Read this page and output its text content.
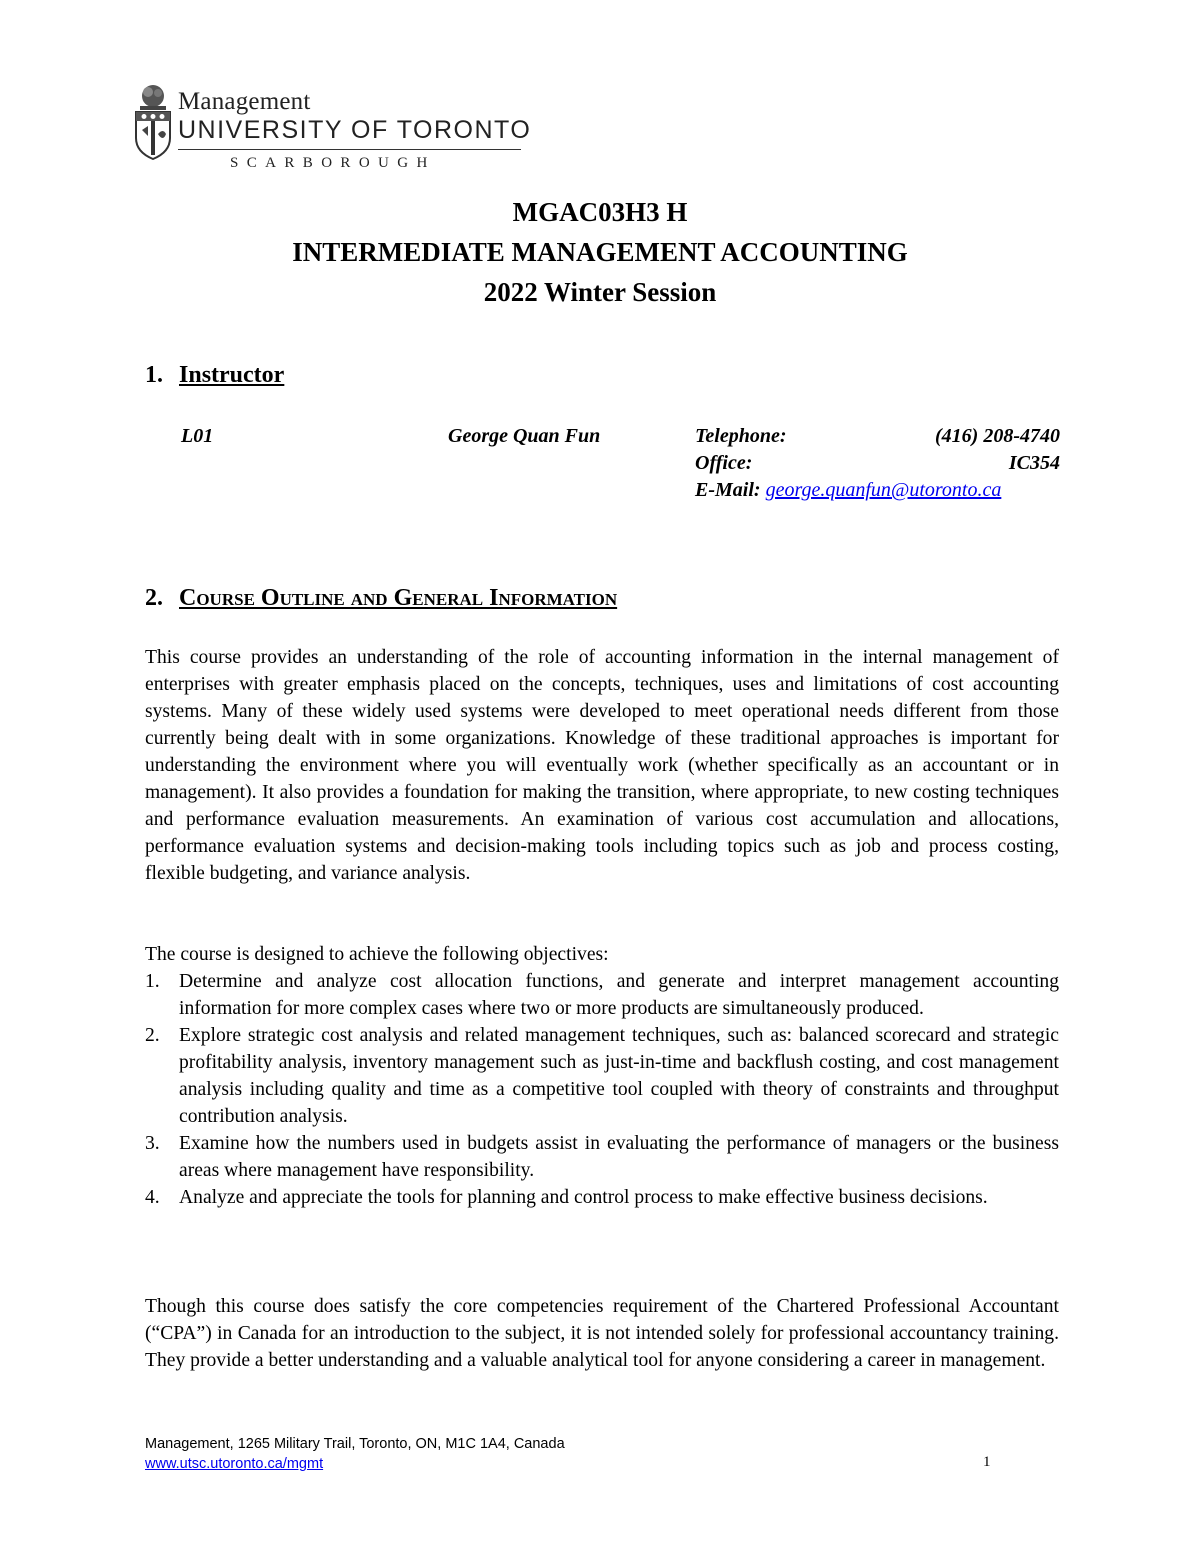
Management
UNIVERSITY OF TORONTO
SCARBOROUGH
MGAC03H3 H
INTERMEDIATE MANAGEMENT ACCOUNTING
2022 Winter Session
1. Instructor
L01	George Quan Fun	Telephone:	(416) 208-4740
Office:	IC354
E-Mail: george.quanfun@utoronto.ca
2. Course Outline and General Information
This course provides an understanding of the role of accounting information in the internal management of enterprises with greater emphasis placed on the concepts, techniques, uses and limitations of cost accounting systems. Many of these widely used systems were developed to meet operational needs different from those currently being dealt with in some organizations. Knowledge of these traditional approaches is important for understanding the environment where you will eventually work (whether specifically as an accountant or in management). It also provides a foundation for making the transition, where appropriate, to new costing techniques and performance evaluation measurements. An examination of various cost accumulation and allocations, performance evaluation systems and decision-making tools including topics such as job and process costing, flexible budgeting, and variance analysis.
The course is designed to achieve the following objectives:
1. Determine and analyze cost allocation functions, and generate and interpret management accounting information for more complex cases where two or more products are simultaneously produced.
2. Explore strategic cost analysis and related management techniques, such as: balanced scorecard and strategic profitability analysis, inventory management such as just-in-time and backflush costing, and cost management analysis including quality and time as a competitive tool coupled with theory of constraints and throughput contribution analysis.
3. Examine how the numbers used in budgets assist in evaluating the performance of managers or the business areas where management have responsibility.
4. Analyze and appreciate the tools for planning and control process to make effective business decisions.
Though this course does satisfy the core competencies requirement of the Chartered Professional Accountant (“CPA”) in Canada for an introduction to the subject, it is not intended solely for professional accountancy training. They provide a better understanding and a valuable analytical tool for anyone considering a career in management.
Management, 1265 Military Trail, Toronto, ON, M1C 1A4, Canada
www.utsc.utoronto.ca/mgmt	1
